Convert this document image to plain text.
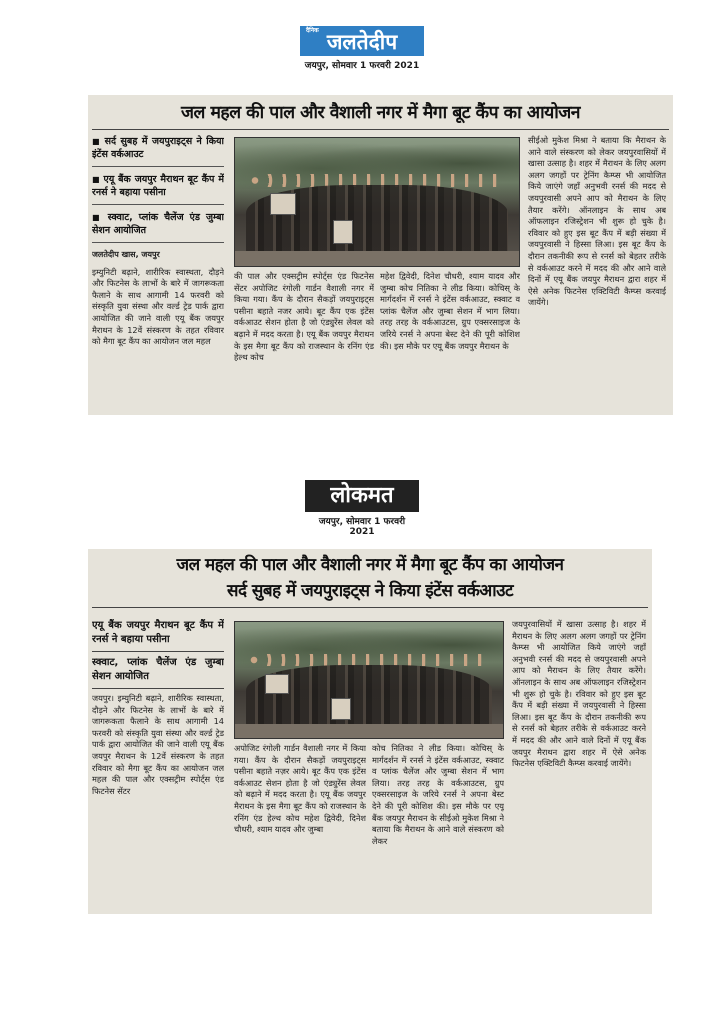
दैनिक जलतेदीप
जयपुर, सोमवार 1 फरवरी 2021
जल महल की पाल और वैशाली नगर में मैगा बूट कैंप का आयोजन
■ सर्द सुबह में जयपुराइट्स ने किया इंटेंस वर्कआउट
■ एयू बैंक जयपुर मैराथन बूट कैंप में रनर्स ने बहाया पसीना
■ स्क्वाट, प्लांक चैलेंज एंड जुम्बा सेशन आयोजित
जलतेदीप खास, जयपुर
इम्युनिटी बढ़ाने, शारीरिक स्वास्थता, दौड़ने और फिटनेस के लाभों के बारे में जागरूकता फैलाने के साथ आगामी 14 फरवरी को संस्कृति युवा संस्था और वर्ल्ड ट्रेड पार्क द्वारा आयोजित की जाने वाली एयू बैंक जयपुर मैराथन के 12वें संस्करण के तहत रविवार को मैगा बूट कैंप का आयोजन जल महल
की पाल और एक्सट्रीम स्पोर्ट्स एंड फिटनेस सेंटर अपोजिट रंगोली गार्डन वैशाली नगर में किया गया। कैंप के दौरान सैकड़ों जयपुराइट्स पसीना बहाते नजर आये। बूट कैंप एक इंटेंस वर्कआउट सेशन होता है जो एंड्युरेंस लेवल को बढ़ाने में मदद करता है। एयू बैंक जयपुर मैराथन के इस मैगा बूट कैंप को राजस्थान के रनिंग एंड हेल्थ कोच
महेश द्विवेदी, दिनेश चौधरी, श्याम यादव और जुम्बा कोच नितिका ने लीड किया। कोचिस् के मार्गदर्शन में रनर्स ने इंटेंस वर्कआउट, स्क्वाट व प्लांक चैलेंज और जुम्बा सेशन में भाग लिया। तरह तरह के वर्कआउटस, ग्रुप एक्सरसाइज के जरिये रनर्स ने अपना बेस्ट देने की पूरी कोशिश की। इस मौके पर एयू बैंक जयपुर मैराथन के
सीईओ मुकेश मिश्रा ने बताया कि मैराथन के आने वाले संस्करण को लेकर जयपुरवासियों में खासा उत्साह है। शहर में मैराथन के लिए अलग अलग जगहों पर ट्रेनिंग कैम्प्स भी आयोजित किये जाएंगे जहाँ अनुभवी रनर्स की मदद से जयपुरवासी अपने आप को मैराथन के लिए तैयार करेंगे। ऑनलाइन के साथ अब ऑफलाइन रजिस्ट्रेशन भी शुरू हो चुके है। रविवार को हुए इस बूट कैंप में बड़ी संख्या में जयपुरवासी ने हिस्सा लिआ। इस बूट कैंप के दौरान तकनीकी रूप से रनर्स को बेहतर तरीके से वर्कआउट करने में मदद की और आने वाले दिनों में एयू बैंक जयपुर मैराथन द्वारा शहर में ऐसे अनेक फिटनेस एक्टिविटी कैम्प्स करवाई जायेंगे।
लोकमत
जयपुर, सोमवार 1 फरवरी 2021
जल महल की पाल और वैशाली नगर में मैगा बूट कैंप का आयोजन
सर्द सुबह में जयपुराइट्स ने किया इंटेंस वर्कआउट
एयू बैंक जयपुर मैराथन बूट कैंप में रनर्स ने बहाया पसीना
स्क्वाट, प्लांक चैलेंज एंड जुम्बा सेशन आयोजित
जयपुर। इम्युनिटी बढ़ाने, शारीरिक स्वास्थता, दौड़ने और फिटनेस के लाभों के बारे में जागरूकता फैलाने के साथ आगामी 14 फरवरी को संस्कृति युवा संस्था और वर्ल्ड ट्रेड पार्क द्वारा आयोजित की जाने वाली एयू बैंक जयपुर मैराथन के 12वें संस्करण के तहत रविवार को मैगा बूट कैंप का आयोजन जल महल की पाल और एक्सट्रीम स्पोर्ट्स एंड फिटनेस सेंटर
अपोजिट रंगोली गार्डन वैशाली नगर में किया गया। कैंप के दौरान सैकड़ों जयपुराइट्स पसीना बहाते नज़र आये। बूट कैंप एक इंटेंस वर्कआउट सेशन होता है जो एंड्युरेंस लेवल को बढ़ाने में मदद करता है। एयू बैंक जयपुर मैराथन के इस मैगा बूट कैंप को राजस्थान के रनिंग एंड हेल्थ कोच महेश द्विवेदी, दिनेश चौधरी, श्याम यादव और जुम्बा
कोच नितिका ने लीड किया। कोचिस् के मार्गदर्शन में रनर्स ने इंटेंस वर्कआउट, स्क्वाट व प्लांक चैलेंज और जुम्बा सेशन में भाग लिया। तरह तरह के वर्कआउटस, ग्रुप एक्सरसाइज के जरिये रनर्स ने अपना बेस्ट देने की पूरी कोशिश की। इस मौके पर एयू बैंक जयपुर मैराथन के सीईओ मुकेश मिश्रा ने बताया कि मैराथन के आने वाले संस्करण को लेकर
जयपुरवासियों में खासा उत्साह है। शहर में मैराथन के लिए अलग अलग जगहों पर ट्रेनिंग कैम्प्स भी आयोजित किये जाएंगे जहाँ अनुभवी रनर्स की मदद से जयपुरवासी अपने आप को मैराथन के लिए तैयार करेंगे। ऑनलाइन के साथ अब ऑफलाइन रजिस्ट्रेशन भी शुरू हो चुके है। रविवार को हुए इस बूट कैंप में बड़ी संख्या में जयपुरवासी ने हिस्सा लिआ। इस बूट कैंप के दौरान तकनीकी रूप से रनर्स को बेहतर तरीके से वर्कआउट करने में मदद की और आने वाले दिनों में एयू बैंक जयपुर मैराथन द्वारा शहर में ऐसे अनेक फिटनेस एक्टिविटी कैम्प्स करवाई जायेंगे।
